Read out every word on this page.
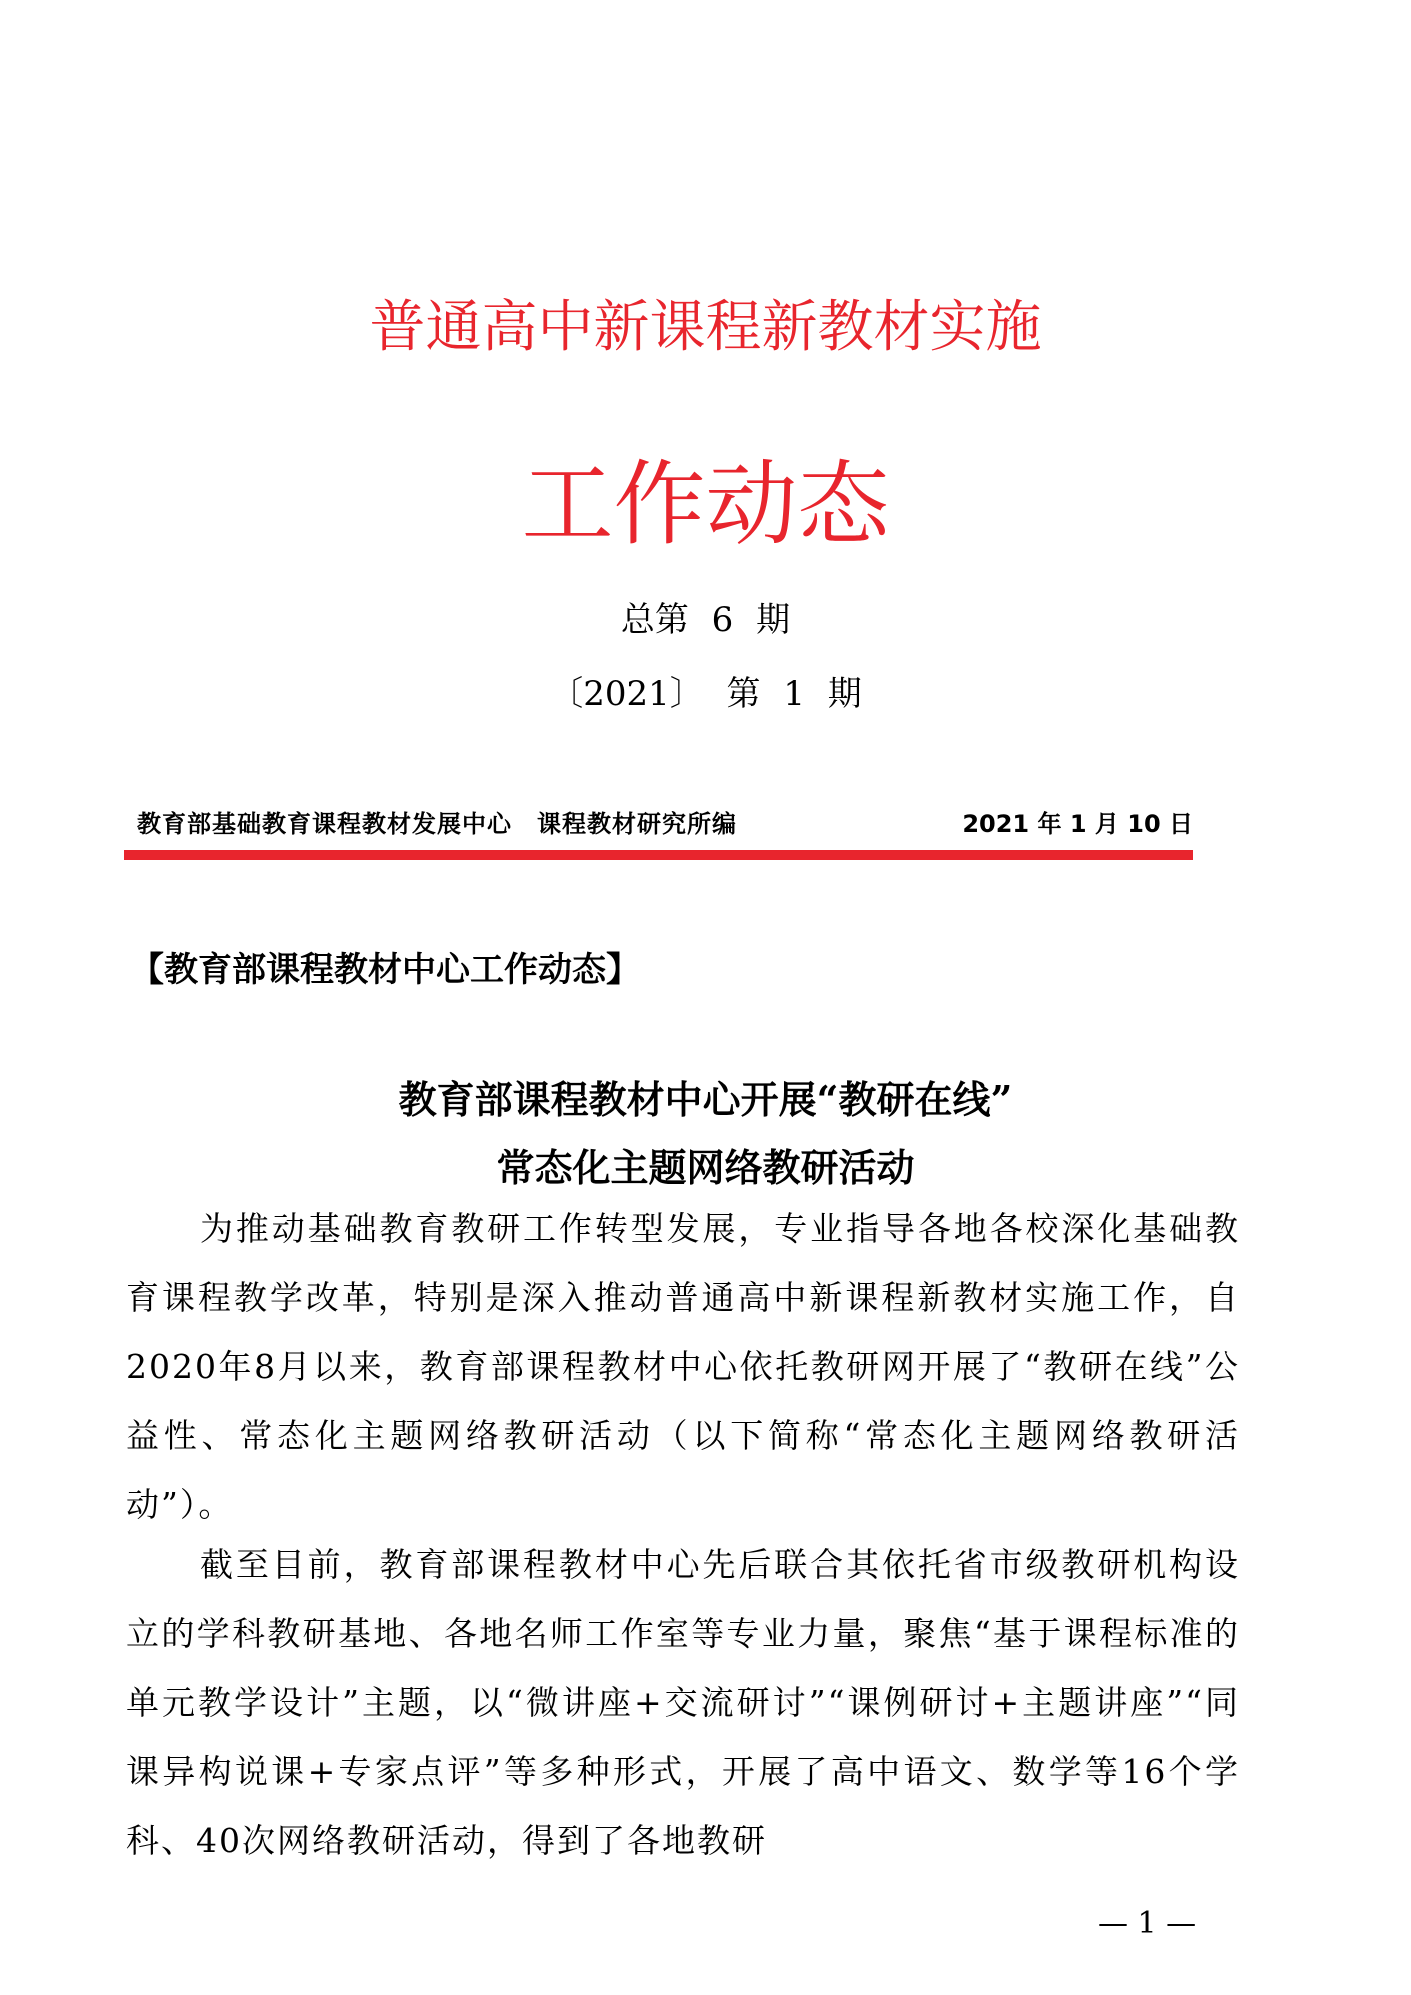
普通高中新课程新教材实施
工作动态
总第 6 期
〔2021〕 第 1 期
教育部基础教育课程教材发展中心　课程教材研究所编	2021 年 1 月 10 日
【教育部课程教材中心工作动态】
教育部课程教材中心开展“教研在线”
常态化主题网络教研活动
为推动基础教育教研工作转型发展，专业指导各地各校深化基础教育课程教学改革，特别是深入推动普通高中新课程新教材实施工作，自2020年8月以来，教育部课程教材中心依托教研网开展了“教研在线”公益性、常态化主题网络教研活动（以下简称“常态化主题网络教研活动”）。
截至目前，教育部课程教材中心先后联合其依托省市级教研机构设立的学科教研基地、各地名师工作室等专业力量，聚焦“基于课程标准的单元教学设计”主题，以“微讲座+交流研讨”“课例研讨+主题讲座”“同课异构说课+专家点评”等多种形式，开展了高中语文、数学等16个学科、40次网络教研活动，得到了各地教研
— 1 —
